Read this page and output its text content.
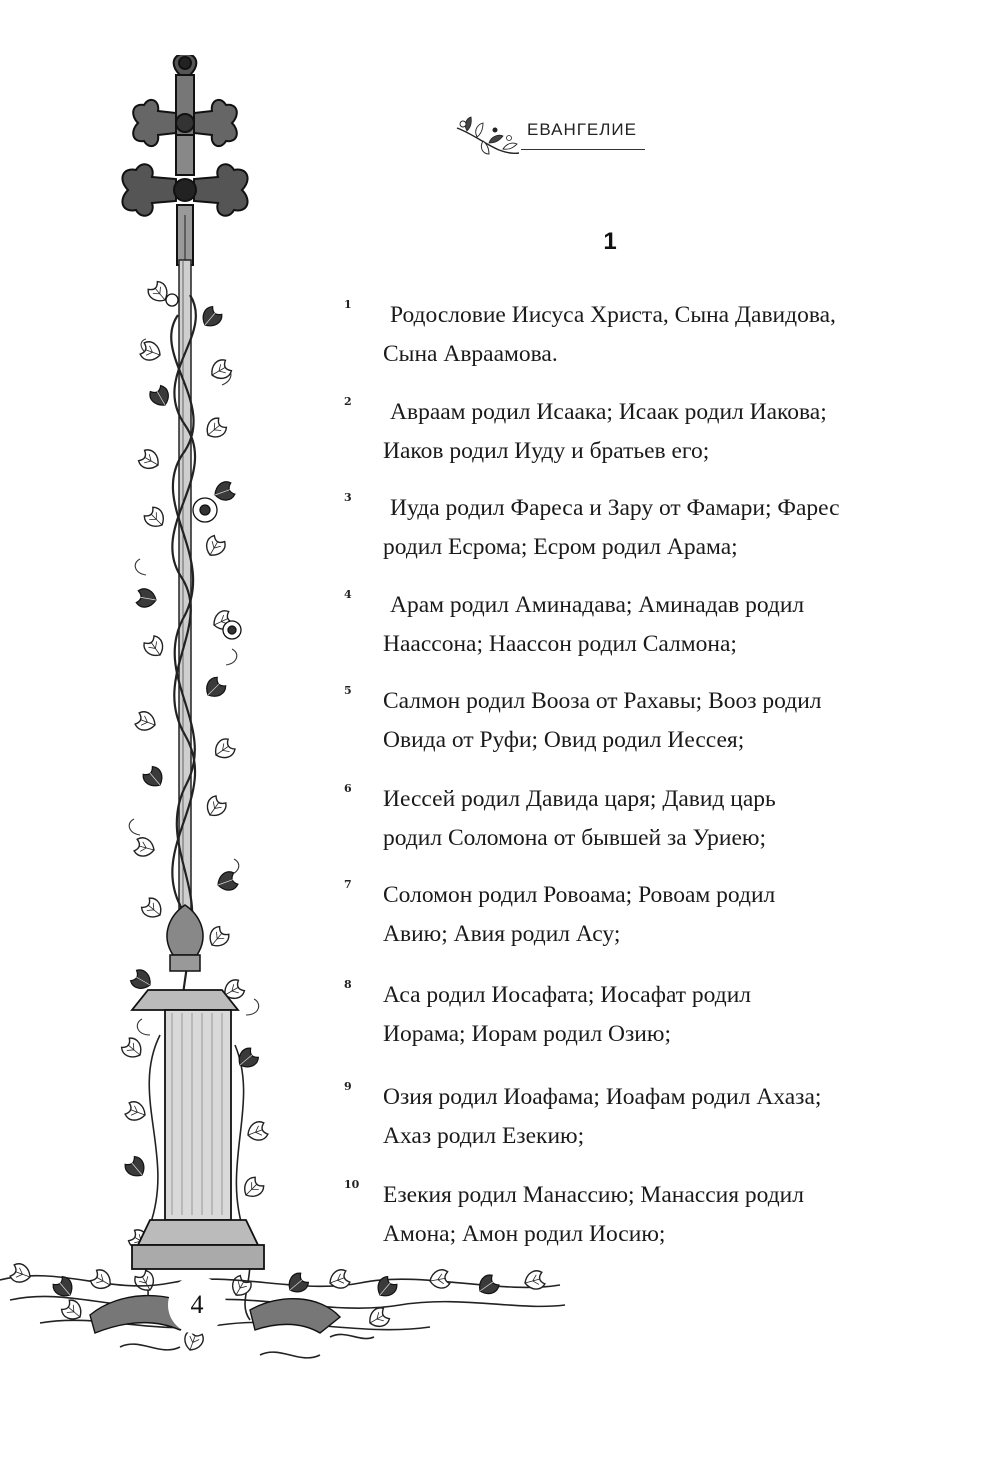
ЕВАНГЕЛИЕ
1
1 Родословие Иисуса Христа, Сына Давидова,
Сына Авраамова.
2 Авраам родил Исаака; Исаак родил Иакова;
Иаков родил Иуду и братьев его;
3 Иуда родил Фареса и Зару от Фамари; Фарес
родил Есрома; Есром родил Арама;
4 Арам родил Аминадава; Аминадав родил
Наассона; Наассон родил Салмона;
5 Салмон родил Вооза от Рахавы; Вооз родил
Овида от Руфи; Овид родил Иессея;
6 Иессей родил Давида царя; Давид царь
родил Соломона от бывшей за Уриею;
7 Соломон родил Ровоама; Ровоам родил
Авию; Авия родил Асу;
8 Аса родил Иосафата; Иосафат родил
Иорама; Иорам родил Озию;
9 Озия родил Иоафама; Иоафам родил Ахаза;
Ахаз родил Езекию;
10 Езекия родил Манассию; Манассия родил
Амона; Амон родил Иосию;
4
